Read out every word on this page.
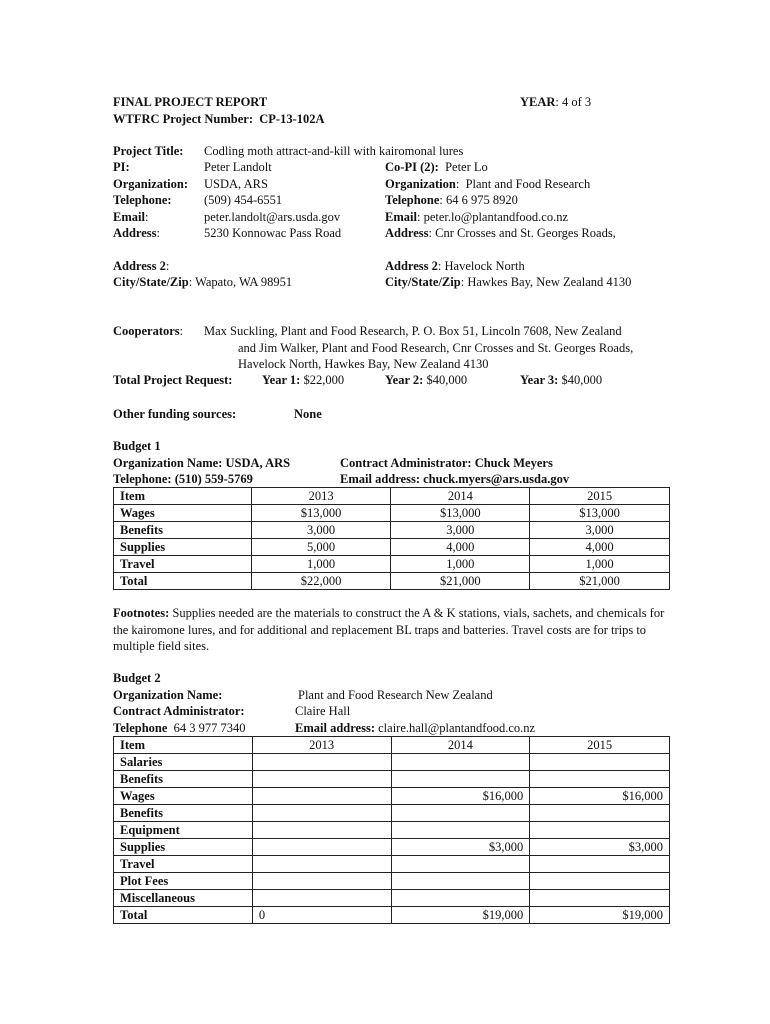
FINAL PROJECT REPORT	YEAR: 4 of 3
WTFRC Project Number: CP-13-102A
Project Title: Codling moth attract-and-kill with kairomonal lures
PI:	Peter Landolt	Co-PI (2): Peter Lo
Organization: USDA, ARS	Organization:  Plant and Food Research
Telephone:	(509) 454-6551	Telephone: 64 6 975 8920
Email:	peter.landolt@ars.usda.gov	Email: peter.lo@plantandfood.co.nz
Address:	5230 Konnowac Pass Road	Address: Cnr Crosses and St. Georges Roads,
Address 2:	Address 2: Havelock North
City/State/Zip: Wapato, WA 98951	City/State/Zip: Hawkes Bay, New Zealand 4130
Cooperators: Max Suckling, Plant and Food Research, P. O. Box 51, Lincoln 7608, New Zealand
and Jim Walker, Plant and Food Research, Cnr Crosses and St. Georges Roads,
Havelock North, Hawkes Bay, New Zealand 4130
Total Project Request: Year 1: $22,000	Year 2: $40,000	Year 3: $40,000
Other funding sources:	None
Budget 1
Organization Name: USDA, ARS	Contract Administrator: Chuck Meyers
Telephone: (510) 559-5769	Email address: chuck.myers@ars.usda.gov
Item	2013	2014	2015
Wages	$13,000	$13,000	$13,000
Benefits	3,000	3,000	3,000
Supplies	5,000	4,000	4,000
Travel	1,000	1,000	1,000
Total	$22,000	$21,000	$21,000
Footnotes: Supplies needed are the materials to construct the A & K stations, vials, sachets, and chemicals for the kairomone lures, and for additional and replacement BL traps and batteries. Travel costs are for trips to multiple field sites.
Budget 2
Organization Name:	Plant and Food Research New Zealand
Contract Administrator:	Claire Hall
Telephone 64 3 977 7340	Email address: claire.hall@plantandfood.co.nz
Item	2013	2014	2015
Salaries			
Benefits			
Wages		$16,000	$16,000
Benefits			
Equipment			
Supplies		$3,000	$3,000
Travel			
Plot Fees			
Miscellaneous			
Total	0	$19,000	$19,000
